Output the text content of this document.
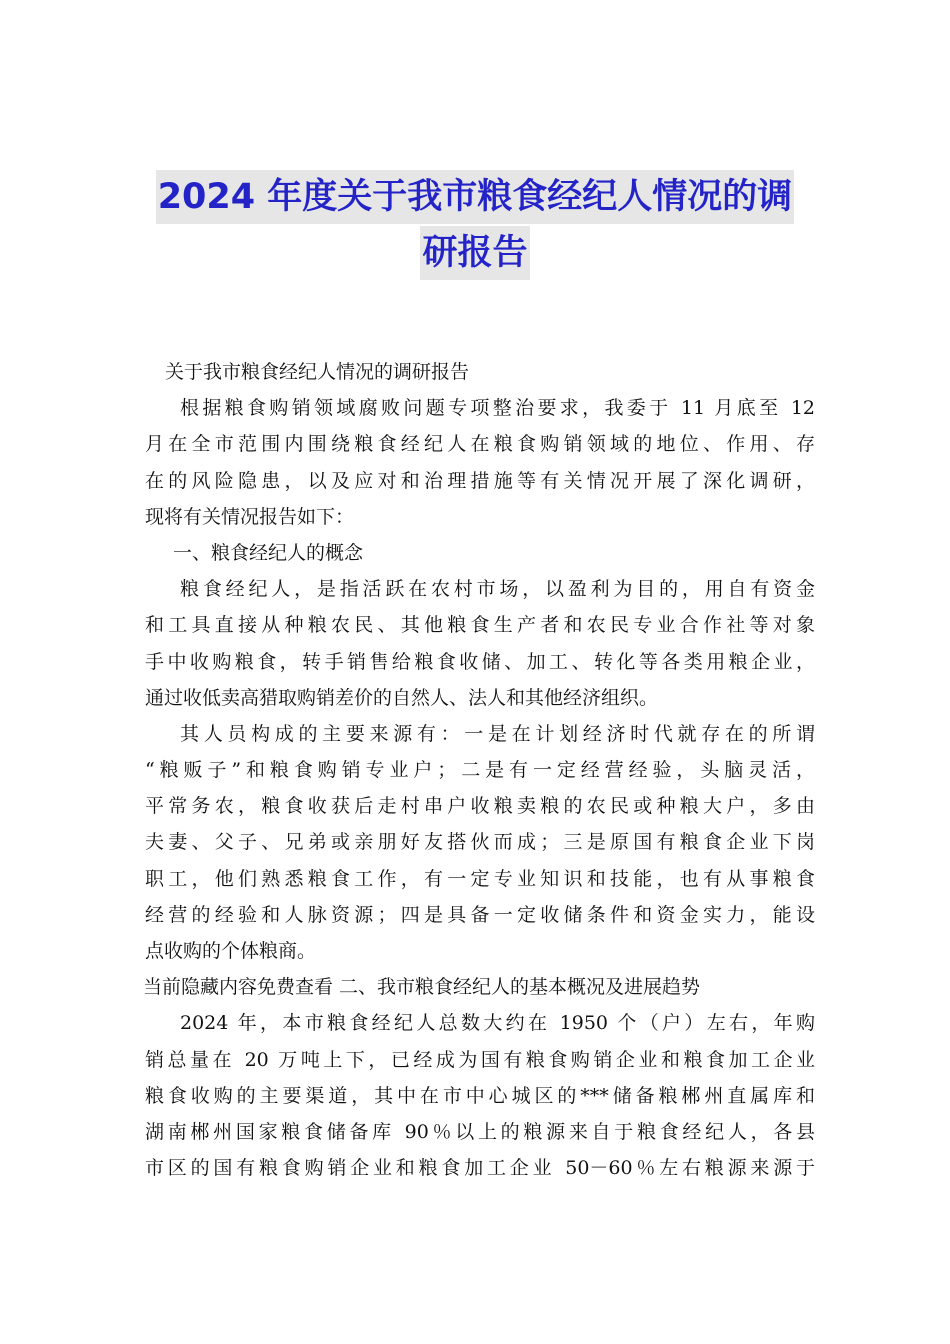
2024 年度关于我市粮食经纪人情况的调
研报告
关于我市粮食经纪人情况的调研报告
根据粮食购销领域腐败问题专项整治要求，我委于 11 月底至 12
月在全市范围内围绕粮食经纪人在粮食购销领域的地位、作用、存
在的风险隐患，以及应对和治理措施等有关情况开展了深化调研，
现将有关情况报告如下：
一、粮食经纪人的概念
粮食经纪人，是指活跃在农村市场，以盈利为目的，用自有资金
和工具直接从种粮农民、其他粮食生产者和农民专业合作社等对象
手中收购粮食，转手销售给粮食收储、加工、转化等各类用粮企业，
通过收低卖高猎取购销差价的自然人、法人和其他经济组织。
其人员构成的主要来源有：一是在计划经济时代就存在的所谓
“粮贩子”和粮食购销专业户；二是有一定经营经验，头脑灵活，
平常务农，粮食收获后走村串户收粮卖粮的农民或种粮大户，多由
夫妻、父子、兄弟或亲朋好友搭伙而成；三是原国有粮食企业下岗
职工，他们熟悉粮食工作，有一定专业知识和技能，也有从事粮食
经营的经验和人脉资源；四是具备一定收储条件和资金实力，能设
点收购的个体粮商。
当前隐藏内容免费查看 二、我市粮食经纪人的基本概况及进展趋势
2024 年，本市粮食经纪人总数大约在 1950 个（户）左右，年购
销总量在 20 万吨上下，已经成为国有粮食购销企业和粮食加工企业
粮食收购的主要渠道，其中在市中心城区的***储备粮郴州直属库和
湖南郴州国家粮食储备库 90％以上的粮源来自于粮食经纪人，各县
市区的国有粮食购销企业和粮食加工企业 50－60％左右粮源来源于
